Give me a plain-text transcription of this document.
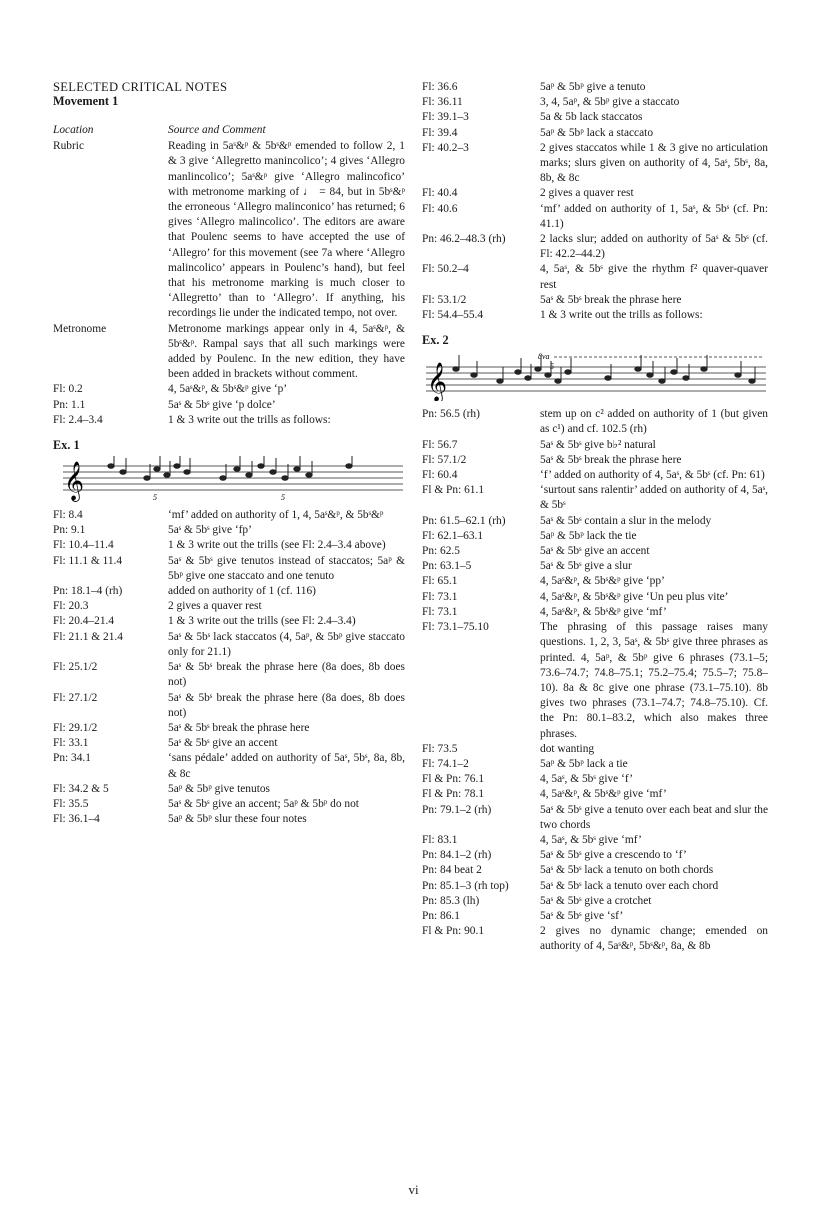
SELECTED CRITICAL NOTES
Movement 1
Location	Source and Comment
Rubric	Reading in 5aˢ&ᵖ & 5bˢ&ᵖ emended to follow 2, 1 & 3 give ‘Allegretto manincolico’; 4 gives ‘Allegro manlincolico’; 5aˢ&ᵖ give ‘Allegro malincofico’ with metronome marking of ♩ = 84, but in 5bˢ&ᵖ the erroneous ‘Allegro malinconico’ has returned; 6 gives ‘Allegro malincolico’. The editors are aware that Poulenc seems to have accepted the use of ‘Allegro’ for this movement (see 7a where ‘Allegro malincolico’ appears in Poulenc’s hand), but feel that his metronome marking is much closer to ‘Allegretto’ than to ‘Allegro’. If anything, his recordings lie under the indicated tempo, not over.
Metronome	Metronome markings appear only in 4, 5aˢ&ᵖ, & 5bˢ&ᵖ. Rampal says that all such markings were added by Poulenc. In the new edition, they have been added in brackets without comment.
Fl: 0.2	4, 5aˢ&ᵖ, & 5bˢ&ᵖ give ‘p’
Pn: 1.1	5aˢ & 5bˢ give ‘p dolce’
Fl: 2.4–3.4	1 & 3 write out the trills as follows:
Ex. 1
𝄞	5	5
Fl: 8.4	‘mf’ added on authority of 1, 4, 5aˢ&ᵖ, & 5bˢ&ᵖ
Pn: 9.1	5aˢ & 5bˢ give ‘fp’
Fl: 10.4–11.4	1 & 3 write out the trills (see Fl: 2.4–3.4 above)
Fl: 11.1 & 11.4	5aˢ & 5bˢ give tenutos instead of staccatos; 5aᵖ & 5bᵖ give one staccato and one tenuto
Pn: 18.1–4 (rh)	added on authority of 1 (cf. 116)
Fl: 20.3	2 gives a quaver rest
Fl: 20.4–21.4	1 & 3 write out the trills (see Fl: 2.4–3.4)
Fl: 21.1 & 21.4	5aˢ & 5bˢ lack staccatos (4, 5aᵖ, & 5bᵖ give staccato only for 21.1)
Fl: 25.1/2	5aˢ & 5bˢ break the phrase here (8a does, 8b does not)
Fl: 27.1/2	5aˢ & 5bˢ break the phrase here (8a does, 8b does not)
Fl: 29.1/2	5aˢ & 5bˢ break the phrase here
Fl: 33.1	5aˢ & 5bˢ give an accent
Pn: 34.1	‘sans pédale’ added on authority of 5aˢ, 5bˢ, 8a, 8b, & 8c
Fl: 34.2 & 5	5aᵖ & 5bᵖ give tenutos
Fl: 35.5	5aˢ & 5bˢ give an accent; 5aᵖ & 5bᵖ do not
Fl: 36.1–4	5aᵖ & 5bᵖ slur these four notes
Fl: 36.6	5aᵖ & 5bᵖ give a tenuto
Fl: 36.11	3, 4, 5aᵖ, & 5bᵖ give a staccato
Fl: 39.1–3	5a & 5b lack staccatos
Fl: 39.4	5aᵖ & 5bᵖ lack a staccato
Fl: 40.2–3	2 gives staccatos while 1 & 3 give no articulation marks; slurs given on authority of 4, 5aˢ, 5bˢ, 8a, 8b, & 8c
Fl: 40.4	2 gives a quaver rest
Fl: 40.6	‘mf’ added on authority of 1, 5aˢ, & 5bˢ (cf. Pn: 41.1)
Pn: 46.2–48.3 (rh)	2 lacks slur; added on authority of 5aˢ & 5bˢ (cf. Fl: 42.2–44.2)
Fl: 50.2–4	4, 5aˢ, & 5bˢ give the rhythm f² quaver-quaver rest
Fl: 53.1/2	5aˢ & 5bˢ break the phrase here
Fl: 54.4–55.4	1 & 3 write out the trills as follows:
Ex. 2
8va
5
𝄞
Pn: 56.5 (rh)	stem up on c² added on authority of 1 (but given as c¹) and cf. 102.5 (rh)
Fl: 56.7	5aˢ & 5bˢ give b♭² natural
Fl: 57.1/2	5aˢ & 5bˢ break the phrase here
Fl: 60.4	‘f’ added on authority of 4, 5aˢ, & 5bˢ (cf. Pn: 61)
Fl & Pn: 61.1	‘surtout sans ralentir’ added on authority of 4, 5aˢ, & 5bˢ
Pn: 61.5–62.1 (rh)	5aˢ & 5bˢ contain a slur in the melody
Fl: 62.1–63.1	5aᵖ & 5bᵖ lack the tie
Pn: 62.5	5aˢ & 5bˢ give an accent
Pn: 63.1–5	5aˢ & 5bˢ give a slur
Fl: 65.1	4, 5aˢ&ᵖ, & 5bˢ&ᵖ give ‘pp’
Fl: 73.1	4, 5aˢ&ᵖ, & 5bˢ&ᵖ give ‘Un peu plus vite’
Fl: 73.1	4, 5aˢ&ᵖ, & 5bˢ&ᵖ give ‘mf’
Fl: 73.1–75.10	The phrasing of this passage raises many questions. 1, 2, 3, 5aˢ, & 5bˢ give three phrases as printed. 4, 5aᵖ, & 5bᵖ give 6 phrases (73.1–5; 73.6–74.7; 74.8–75.1; 75.2–75.4; 75.5–7; 75.8–10). 8a & 8c give one phrase (73.1–75.10). 8b gives two phrases (73.1–74.7; 74.8–75.10). Cf. the Pn: 80.1–83.2, which also makes three phrases.
Fl: 73.5	dot wanting
Fl: 74.1–2	5aᵖ & 5bᵖ lack a tie
Fl & Pn: 76.1	4, 5aˢ, & 5bˢ give ‘f’
Fl & Pn: 78.1	4, 5aˢ&ᵖ, & 5bˢ&ᵖ give ‘mf’
Pn: 79.1–2 (rh)	5aˢ & 5bˢ give a tenuto over each beat and slur the two chords
Fl: 83.1	4, 5aˢ, & 5bˢ give ‘mf’
Pn: 84.1–2 (rh)	5aˢ & 5bˢ give a crescendo to ‘f’
Pn: 84 beat 2	5aˢ & 5bˢ lack a tenuto on both chords
Pn: 85.1–3 (rh top)	5aˢ & 5bˢ lack a tenuto over each chord
Pn: 85.3 (lh)	5aˢ & 5bˢ give a crotchet
Pn: 86.1	5aˢ & 5bˢ give ‘sf’
Fl & Pn: 90.1	2 gives no dynamic change; emended on authority of 4, 5aˢ&ᵖ, 5bˢ&ᵖ, 8a, & 8b
vi
